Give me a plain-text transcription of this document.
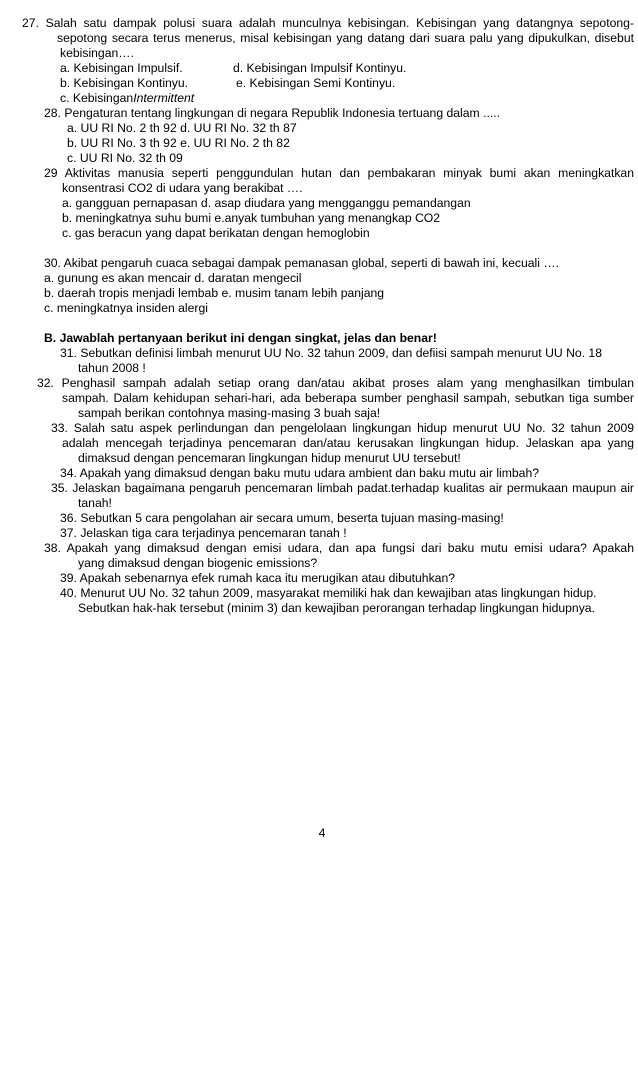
27. Salah satu dampak polusi suara adalah munculnya kebisingan. Kebisingan yang datangnya sepotong-
sepotong secara terus menerus, misal kebisingan yang datang dari suara palu yang dipukulkan, disebut
kebisingan….
a. Kebisingan Impulsif.	d. Kebisingan Impulsif Kontinyu.
b. Kebisingan Kontinyu.	e. Kebisingan Semi Kontinyu.
c. KebisinganIntermittent
28. Pengaturan tentang lingkungan di negara Republik Indonesia tertuang dalam .....
a. UU RI No. 2 th 92 d. UU RI No. 32 th 87
b. UU RI No. 3 th 92 e. UU RI No. 2 th 82
c. UU RI No. 32 th 09
29 Aktivitas manusia seperti penggundulan hutan dan pembakaran minyak bumi akan meningkatkan
konsentrasi CO2 di udara yang berakibat ….
a. gangguan pernapasan d. asap diudara yang mengganggu pemandangan
b. meningkatnya suhu bumi e.anyak tumbuhan yang menangkap CO2
c. gas beracun yang dapat berikatan dengan hemoglobin
30. Akibat pengaruh cuaca sebagai dampak pemanasan global, seperti di bawah ini, kecuali ….
a. gunung es akan mencair d. daratan mengecil
b. daerah tropis menjadi lembab e. musim tanam lebih panjang
c. meningkatnya insiden alergi
B. Jawablah pertanyaan berikut ini dengan singkat, jelas dan benar!
31. Sebutkan definisi limbah menurut UU No. 32 tahun 2009, dan defiisi sampah menurut UU No. 18
tahun 2008 !
32. Penghasil sampah adalah setiap orang dan/atau akibat proses alam yang menghasilkan timbulan
sampah. Dalam kehidupan sehari-hari, ada beberapa sumber penghasil sampah, sebutkan tiga sumber
sampah berikan contohnya masing-masing 3 buah saja!
33. Salah satu aspek perlindungan dan pengelolaan lingkungan hidup menurut UU No. 32 tahun 2009
adalah mencegah terjadinya pencemaran dan/atau kerusakan lingkungan hidup. Jelaskan apa yang
dimaksud dengan pencemaran lingkungan hidup menurut UU tersebut!
34. Apakah yang dimaksud dengan baku mutu udara ambient dan baku mutu air limbah?
35. Jelaskan bagaimana pengaruh pencemaran limbah padat.terhadap kualitas air permukaan maupun air
tanah!
36. Sebutkan 5 cara pengolahan air secara umum, beserta tujuan masing-masing!
37. Jelaskan tiga cara terjadinya pencemaran tanah !
38. Apakah yang dimaksud dengan emisi udara, dan apa fungsi dari baku mutu emisi udara? Apakah
yang dimaksud dengan biogenic emissions?
39. Apakah sebenarnya efek rumah kaca itu merugikan atau dibutuhkan?
40. Menurut UU No. 32 tahun 2009, masyarakat memiliki hak dan kewajiban atas lingkungan hidup.
Sebutkan hak-hak tersebut (minim 3) dan kewajiban perorangan terhadap lingkungan hidupnya.
4
